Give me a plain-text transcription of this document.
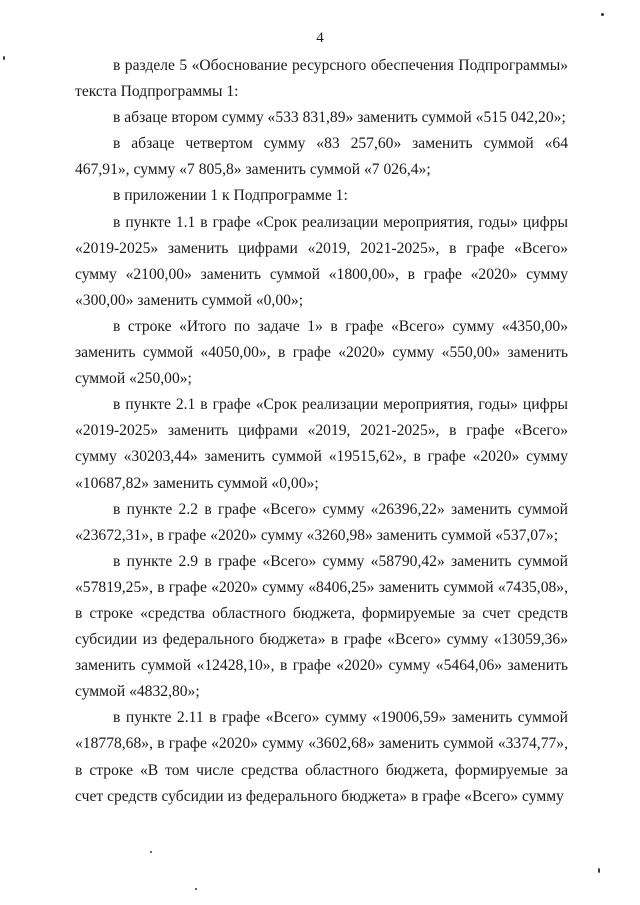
4

в разделе 5 «Обоснование ресурсного обеспечения Подпрограммы» текста Подпрограммы 1:

в абзаце втором сумму «533 831,89» заменить суммой «515 042,20»;

в абзаце четвертом сумму «83 257,60» заменить суммой «64 467,91», сумму «7 805,8» заменить суммой «7 026,4»;

в приложении 1 к Подпрограмме 1:

в пункте 1.1 в графе «Срок реализации мероприятия, годы» цифры «2019-2025» заменить цифрами «2019, 2021-2025», в графе «Всего» сумму «2100,00» заменить суммой «1800,00», в графе «2020» сумму «300,00» заменить суммой «0,00»;

в строке «Итого по задаче 1» в графе «Всего» сумму «4350,00» заменить суммой «4050,00», в графе «2020» сумму «550,00» заменить суммой «250,00»;

в пункте 2.1 в графе «Срок реализации мероприятия, годы» цифры «2019-2025» заменить цифрами «2019, 2021-2025», в графе «Всего» сумму «30203,44» заменить суммой «19515,62», в графе «2020» сумму «10687,82» заменить суммой «0,00»;

в пункте 2.2 в графе «Всего» сумму «26396,22» заменить суммой «23672,31», в графе «2020» сумму «3260,98» заменить суммой «537,07»;

в пункте 2.9 в графе «Всего» сумму «58790,42» заменить суммой «57819,25», в графе «2020» сумму «8406,25» заменить суммой «7435,08», в строке «средства областного бюджета, формируемые за счет средств субсидии из федерального бюджета» в графе «Всего» сумму «13059,36» заменить суммой «12428,10», в графе «2020» сумму «5464,06» заменить суммой «4832,80»;

в пункте 2.11 в графе «Всего» сумму «19006,59» заменить суммой «18778,68», в графе «2020» сумму «3602,68» заменить суммой «3374,77», в строке «В том числе средства областного бюджета, формируемые за счет средств субсидии из федерального бюджета» в графе «Всего» сумму
